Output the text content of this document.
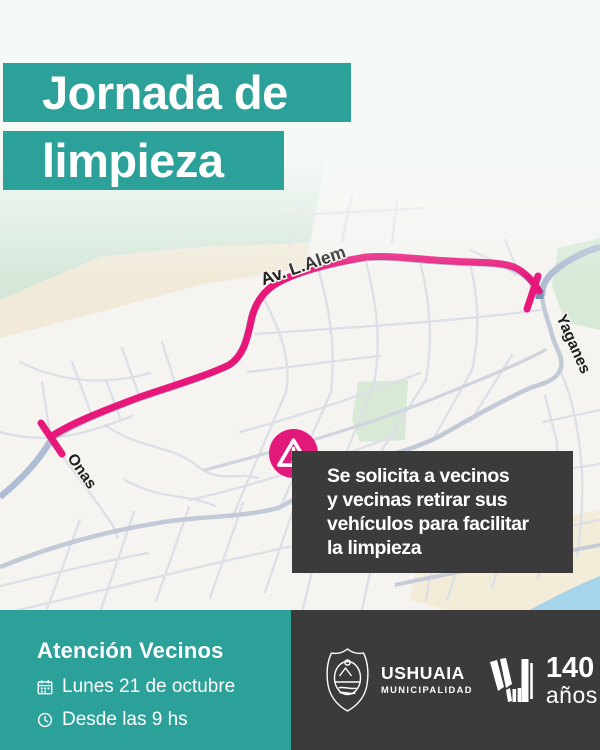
Onas
Yaganes
Jornada de
limpieza
Se solicita a vecinos
y vecinas retirar sus
vehículos para facilitar
la limpieza
Atención Vecinos
Lunes 21 de octubre
Desde las 9 hs
USHUAIA
MUNICIPALIDAD
140
años
